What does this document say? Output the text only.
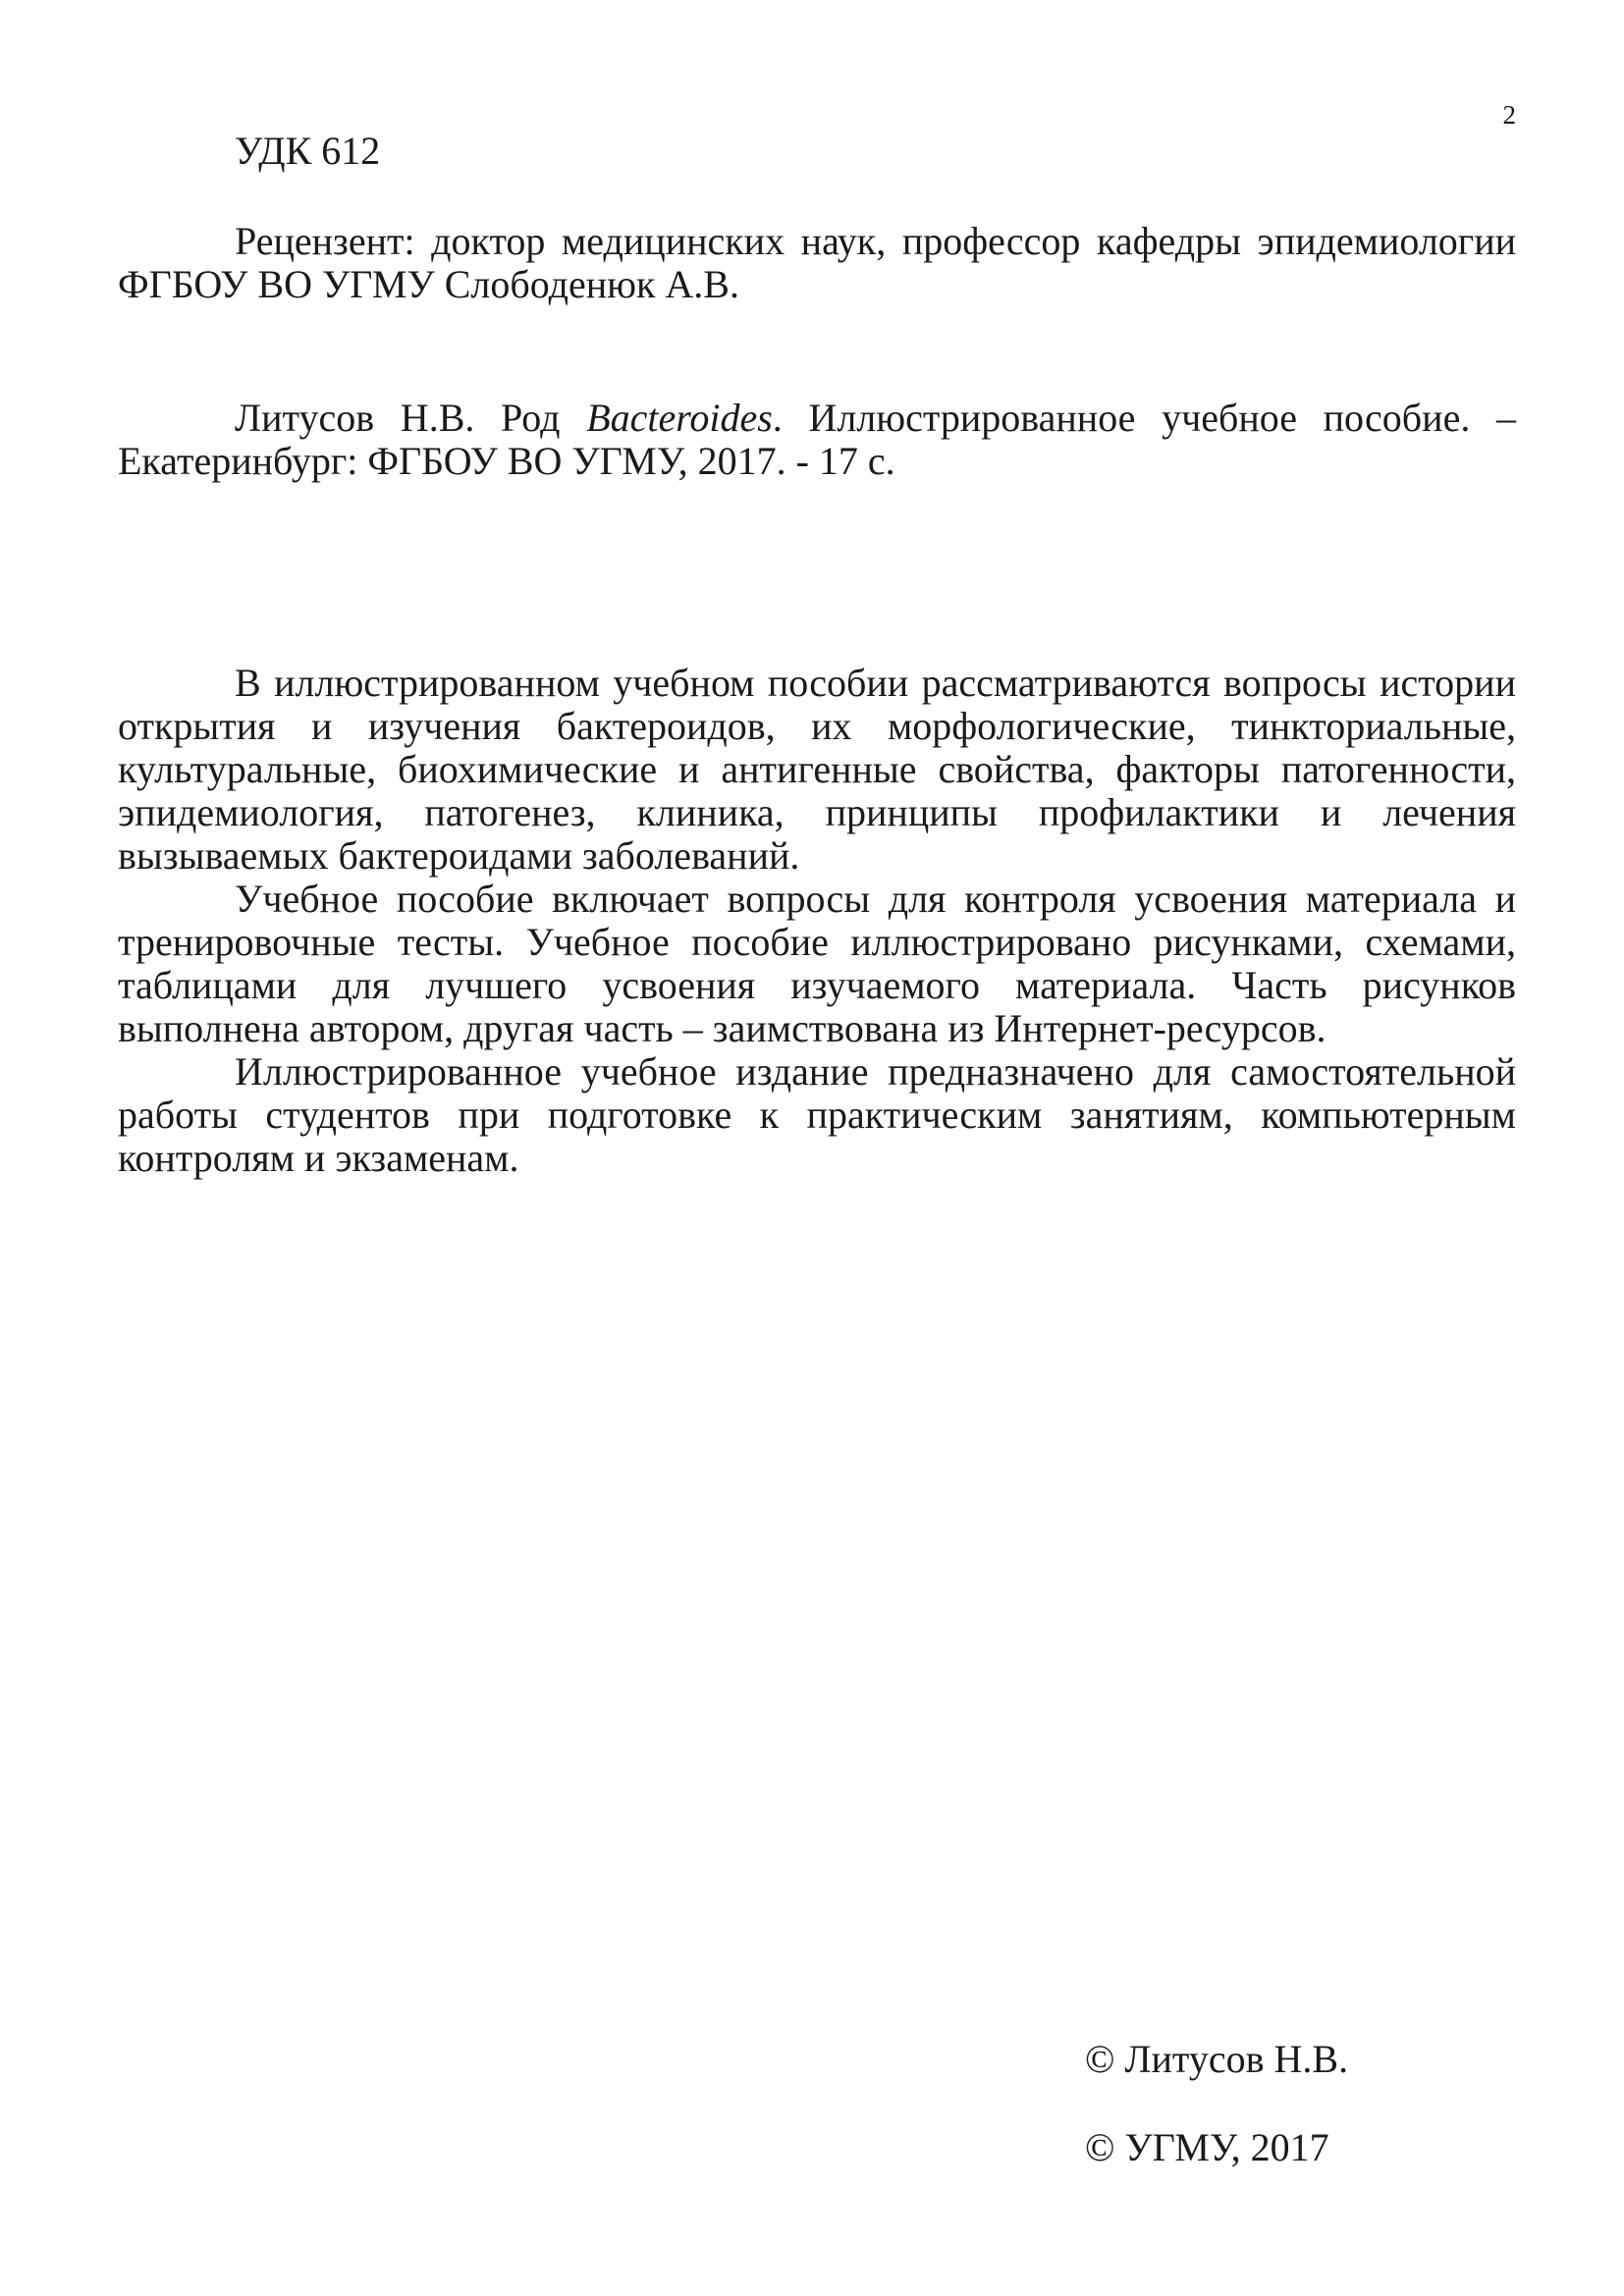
2
УДК 612

Рецензент: доктор медицинских наук, профессор кафедры эпидемиологии ФГБОУ ВО УГМУ Слободенюк А.В.

Литусов Н.В. Род Bacteroides. Иллюстрированное учебное пособие. – Екатеринбург: ФГБОУ ВО УГМУ, 2017. - 17 с.

В иллюстрированном учебном пособии рассматриваются вопросы истории открытия и изучения бактероидов, их морфологические, тинкториальные, культуральные, биохимические и антигенные свойства, факторы патогенности, эпидемиология, патогенез, клиника, принципы профилактики и лечения вызываемых бактероидами заболеваний.

Учебное пособие включает вопросы для контроля усвоения материала и тренировочные тесты. Учебное пособие иллюстрировано рисунками, схемами, таблицами для лучшего усвоения изучаемого материала. Часть рисунков выполнена автором, другая часть – заимствована из Интернет-ресурсов.

Иллюстрированное учебное издание предназначено для самостоятельной работы студентов при подготовке к практическим занятиям, компьютерным контролям и экзаменам.

© Литусов Н.В.
© УГМУ, 2017
